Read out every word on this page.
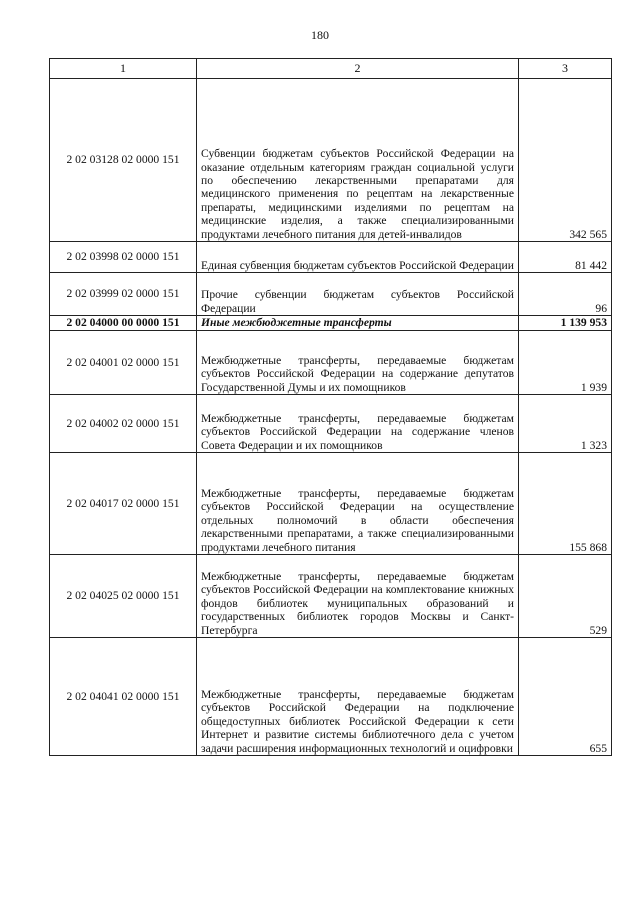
180
1	2	3
2 02 03128 02 0000 151	Субвенции бюджетам субъектов Российской Федерации на оказание отдельным категориям граждан социальной услуги по обеспечению лекарственными препаратами для медицинского применения по рецептам на лекарственные препараты, медицинскими изделиями по рецептам на медицинские изделия, а также специализированными продуктами лечебного питания для детей-инвалидов	342 565
2 02 03998 02 0000 151	Единая субвенция бюджетам субъектов Российской Федерации	81 442
2 02 03999 02 0000 151	Прочие субвенции бюджетам субъектов Российской Федерации	96
2 02 04000 00 0000 151	Иные межбюджетные трансферты	1 139 953
2 02 04001 02 0000 151	Межбюджетные трансферты, передаваемые бюджетам субъектов Российской Федерации на содержание депутатов Государственной Думы и их помощников	1 939
2 02 04002 02 0000 151	Межбюджетные трансферты, передаваемые бюджетам субъектов Российской Федерации на содержание членов Совета Федерации и их помощников	1 323
2 02 04017 02 0000 151	Межбюджетные трансферты, передаваемые бюджетам субъектов Российской Федерации на осуществление отдельных полномочий в области обеспечения лекарственными препаратами, а также специализированными продуктами лечебного питания	155 868
2 02 04025 02 0000 151	Межбюджетные трансферты, передаваемые бюджетам субъектов Российской Федерации на комплектование книжных фондов библиотек муниципальных образований и государственных библиотек городов Москвы и Санкт-Петербурга	529
2 02 04041 02 0000 151	Межбюджетные трансферты, передаваемые бюджетам субъектов Российской Федерации на подключение общедоступных библиотек Российской Федерации к сети Интернет и развитие системы библиотечного дела с учетом задачи расширения информационных технологий и оцифровки	655
